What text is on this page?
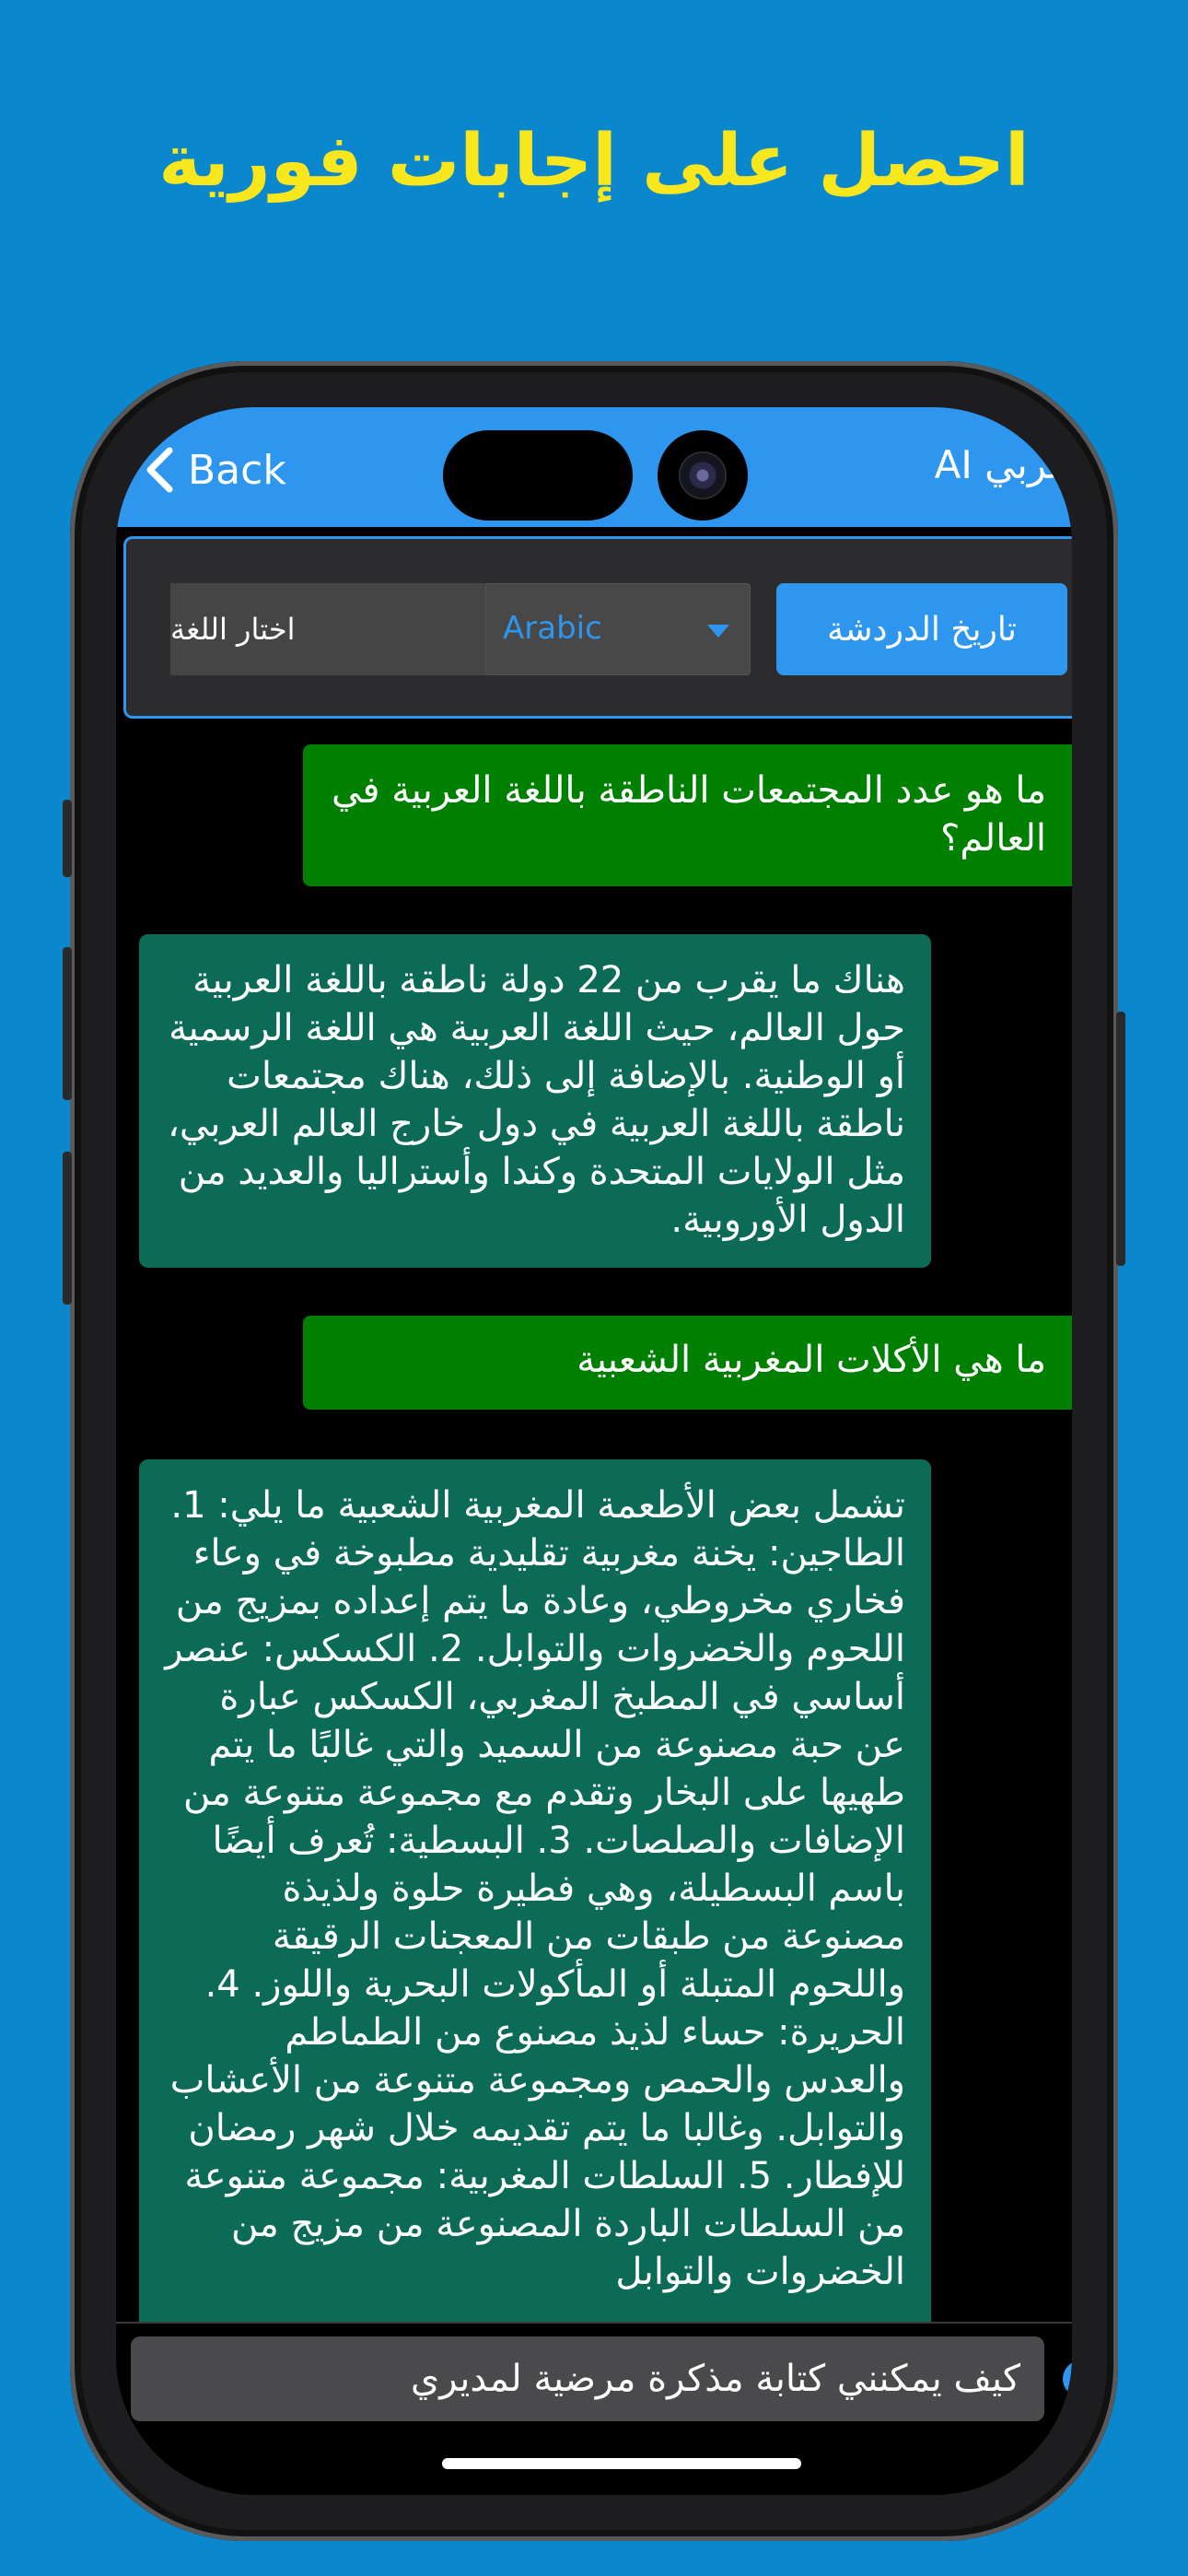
احصل على إجابات فورية
Back	AI عربي
اختار اللغة	Arabic	تاريخ الدردشة
ما هو عدد المجتمعات الناطقة باللغة العربية في العالم؟
هناك ما يقرب من 22 دولة ناطقة باللغة العربية حول العالم، حيث اللغة العربية هي اللغة الرسمية أو الوطنية. بالإضافة إلى ذلك، هناك مجتمعات ناطقة باللغة العربية في دول خارج العالم العربي، مثل الولايات المتحدة وكندا وأستراليا والعديد من الدول الأوروبية.
ما هي الأكلات المغربية الشعبية
تشمل بعض الأطعمة المغربية الشعبية ما يلي: 1. الطاجين: يخنة مغربية تقليدية مطبوخة في وعاء فخاري مخروطي، وعادة ما يتم إعداده بمزيج من اللحوم والخضروات والتوابل. 2. الكسكس: عنصر أساسي في المطبخ المغربي، الكسكس عبارة عن حبة مصنوعة من السميد والتي غالبًا ما يتم طهيها على البخار وتقدم مع مجموعة متنوعة من الإضافات والصلصات. 3. البسطية: تُعرف أيضًا باسم البسطيلة، وهي فطيرة حلوة ولذيذة مصنوعة من طبقات من المعجنات الرقيقة واللحوم المتبلة أو المأكولات البحرية واللوز. 4. الحريرة: حساء لذيذ مصنوع من الطماطم والعدس والحمص ومجموعة متنوعة من الأعشاب والتوابل. وغالبا ما يتم تقديمه خلال شهر رمضان للإفطار. 5. السلطات المغربية: مجموعة متنوعة من السلطات الباردة المصنوعة من مزيج من الخضروات والتوابل
كيف يمكنني كتابة مذكرة مرضية لمديري
